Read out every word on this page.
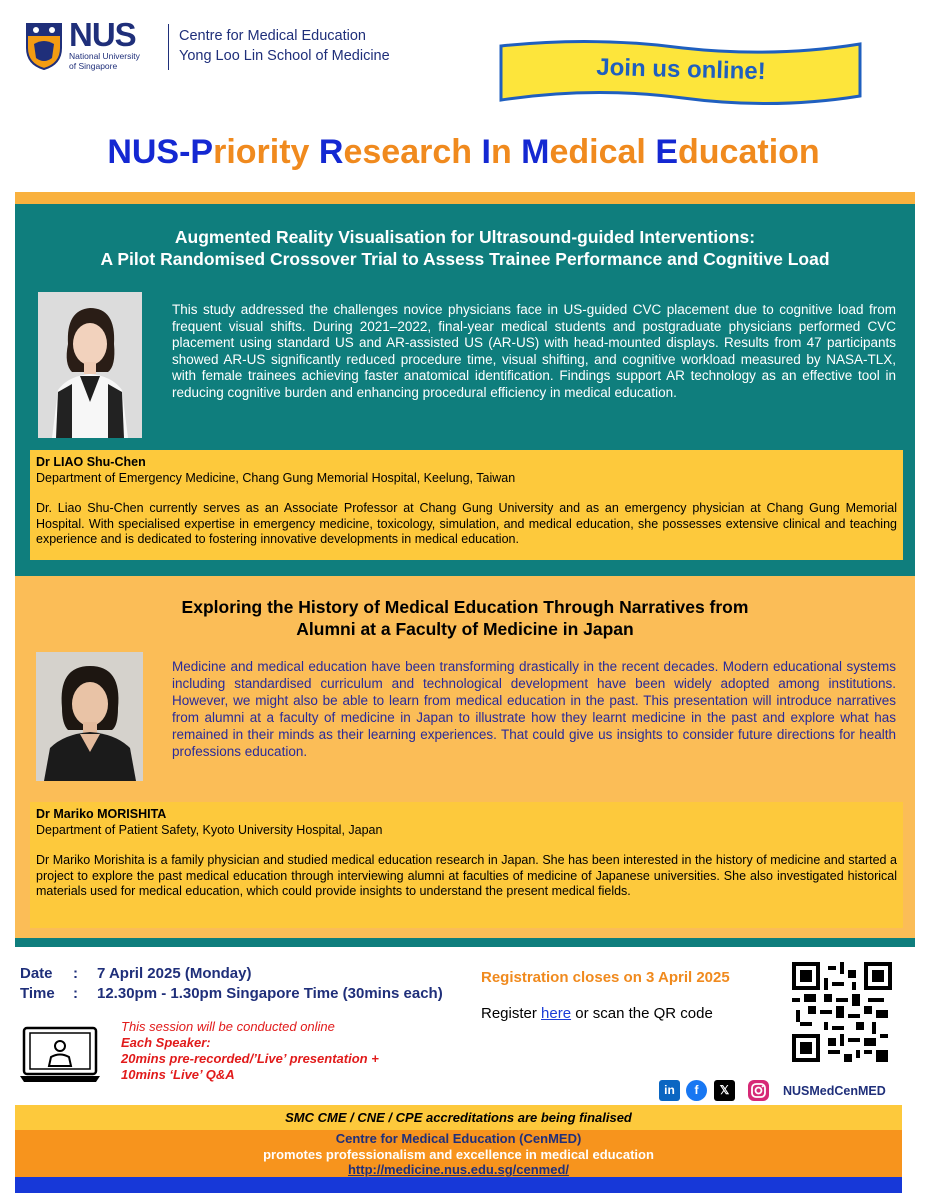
NUS
National University
of Singapore
Centre for Medical Education
Yong Loo Lin School of Medicine	Join us online!
NUS-Priority Research In Medical Education
Augmented Reality Visualisation for Ultrasound-guided Interventions:
A Pilot Randomised Crossover Trial to Assess Trainee Performance and Cognitive Load
This study addressed the challenges novice physicians face in US-guided CVC placement due to cognitive load from frequent visual shifts. During 2021–2022, final-year medical students and postgraduate physicians performed CVC placement using standard US and AR-assisted US (AR-US) with head-mounted displays. Results from 47 participants showed AR-US significantly reduced procedure time, visual shifting, and cognitive workload measured by NASA-TLX, with female trainees achieving faster anatomical identification. Findings support AR technology as an effective tool in reducing cognitive burden and enhancing procedural efficiency in medical education.
Dr LIAO Shu-Chen
Department of Emergency Medicine, Chang Gung Memorial Hospital, Keelung, Taiwan
Dr. Liao Shu-Chen currently serves as an Associate Professor at Chang Gung University and as an emergency physician at Chang Gung Memorial Hospital. With specialised expertise in emergency medicine, toxicology, simulation, and medical education, she possesses extensive clinical and teaching experience and is dedicated to fostering innovative developments in medical education.
Exploring the History of Medical Education Through Narratives from
Alumni at a Faculty of Medicine in Japan
Medicine and medical education have been transforming drastically in the recent decades. Modern educational systems including standardised curriculum and technological development have been widely adopted among institutions. However, we might also be able to learn from medical education in the past. This presentation will introduce narratives from alumni at a faculty of medicine in Japan to illustrate how they learnt medicine in the past and explore what has remained in their minds as their learning experiences. That could give us insights to consider future directions for health professions education.
Dr Mariko MORISHITA
Department of Patient Safety, Kyoto University Hospital, Japan
Dr Mariko Morishita is a family physician and studied medical education research in Japan. She has been interested in the history of medicine and started a project to explore the past medical education through interviewing alumni at faculties of medicine of Japanese universities. She also investigated historical materials used for medical education, which could provide insights to understand the present medical fields.
Date : 7 April 2025 (Monday)
Time : 12.30pm - 1.30pm Singapore Time (30mins each)
This session will be conducted online
Each Speaker:
20mins pre-recorded/’Live’ presentation +
10mins ‘Live’ Q&A
Registration closes on 3 April 2025
Register here or scan the QR code
in	f	𝕏	NUSMedCenMED
SMC CME / CNE / CPE accreditations are being finalised
Centre for Medical Education (CenMED)
promotes professionalism and excellence in medical education
http://medicine.nus.edu.sg/cenmed/
